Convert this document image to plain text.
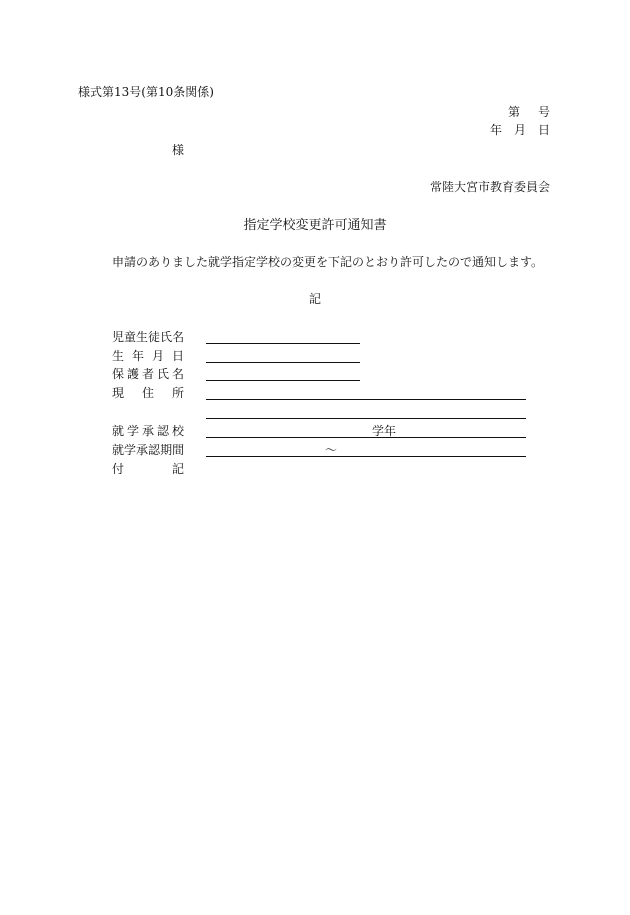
様式第13号(第10条関係)
第 号
年 月 日
様
常陸大宮市教育委員会
指定学校変更許可通知書
申請のありました就学指定学校の変更を下記のとおり許可したので通知します。
記
児 童 生 徒 氏 名
生 年 月 日
保 護 者 氏 名
現 住 所
就 学 承 認 校	学年
就 学 承 認 期 間	～
付	記
